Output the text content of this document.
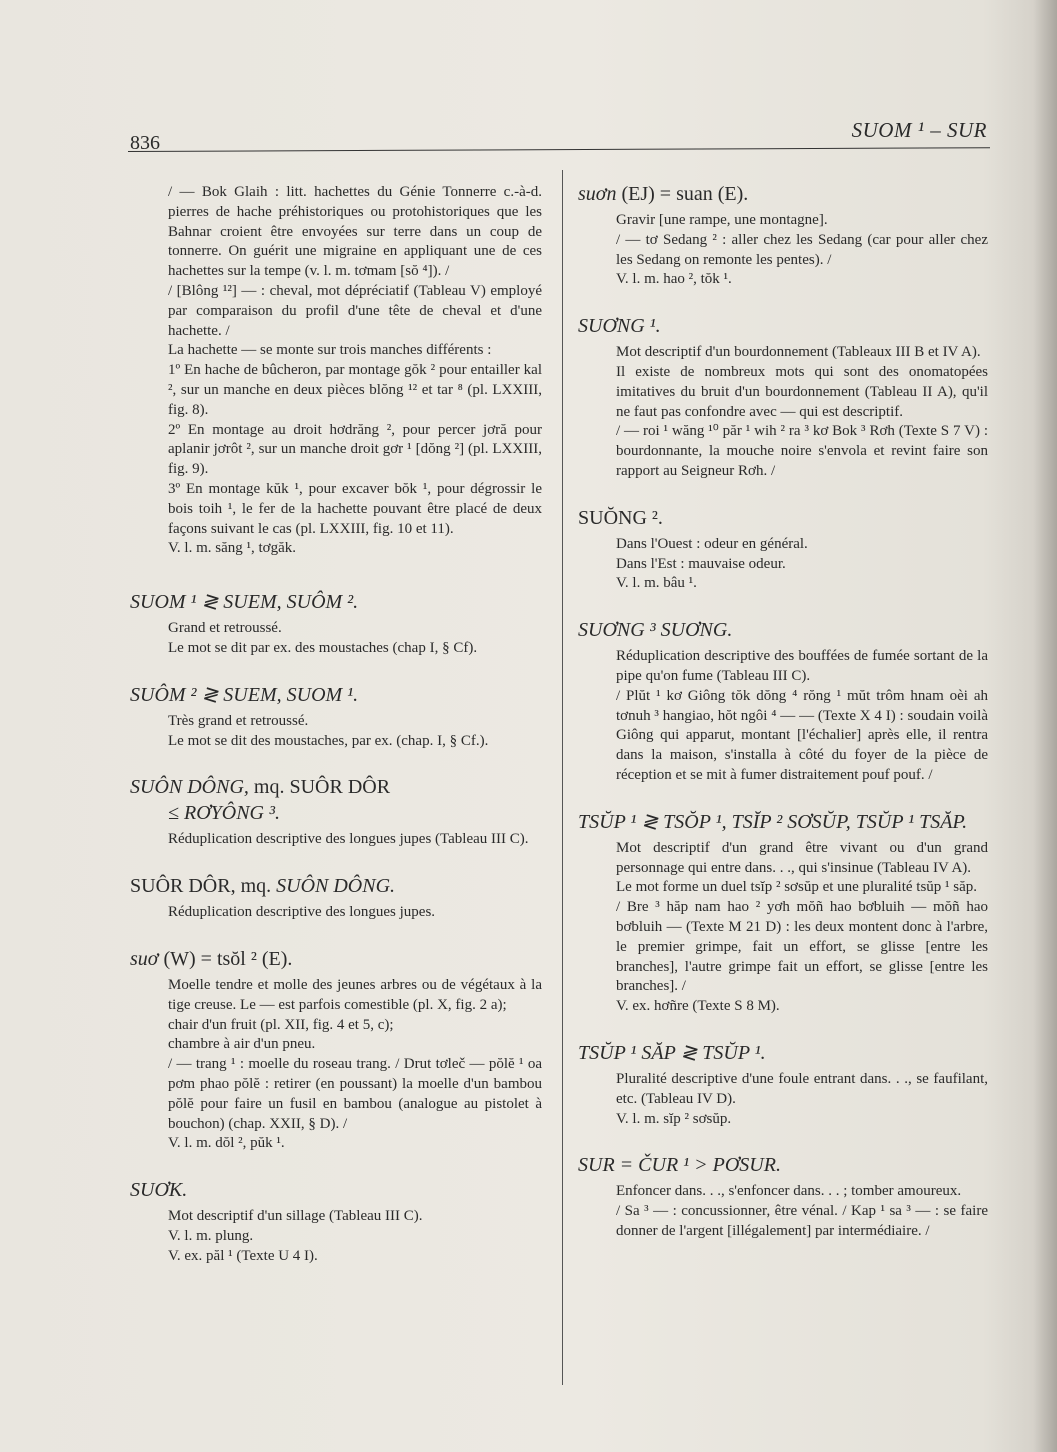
836
SUOM ¹ – SUR

/ — Bok Glaih : litt. hachettes du Génie Tonnerre c.-à-d. pierres de hache préhistoriques ou protohistoriques que les Bahnar croient être envoyées sur terre dans un coup de tonnerre. On guérit une migraine en appliquant une de ces hachettes sur la tempe (v. l. m. tơmam [sŏ ⁴]). /

/ [Blông ¹²] — : cheval, mot dépréciatif (Tableau V) employé par comparaison du profil d'une tête de cheval et d'une hachette. /

La hachette — se monte sur trois manches différents :

1º En hache de bûcheron, par montage gŏk ² pour entailler kal ², sur un manche en deux pièces blŏng ¹² et tar ⁸ (pl. LXXIII, fig. 8).

2º En montage au droit hơdrăng ², pour percer jơră pour aplanir jơrôt ², sur un manche droit gơr ¹ [dŏng ²] (pl. LXXIII, fig. 9).

3º En montage kŭk ¹, pour excaver bŏk ¹, pour dégrossir le bois toih ¹, le fer de la hachette pouvant être placé de deux façons suivant le cas (pl. LXXIII, fig. 10 et 11).

V. l. m. săng ¹, tơgăk.

SUOM ¹ ≷ SUEM, SUÔM ².

Grand et retroussé.

Le mot se dit par ex. des moustaches (chap I, § Cf).

SUÔM ² ≷ SUEM, SUOM ¹.

Très grand et retroussé.

Le mot se dit des moustaches, par ex. (chap. I, § Cf.).

SUÔN DÔNG, mq. SUÔR DÔR
≤ RƠYÔNG ³.

Réduplication descriptive des longues jupes (Tableau III C).

SUÔR DÔR, mq. SUÔN DÔNG.

Réduplication descriptive des longues jupes.

suơ (W) = tsŏl ² (E).

Moelle tendre et molle des jeunes arbres ou de végétaux à la tige creuse. Le — est parfois comestible (pl. X, fig. 2 a);

chair d'un fruit (pl. XII, fig. 4 et 5, c);

chambre à air d'un pneu.

/ — trang ¹ : moelle du roseau trang. / Drut tơleč — pŏlĕ ¹ oa pơm phao pŏlĕ : retirer (en poussant) la moelle d'un bambou pŏlĕ pour faire un fusil en bambou (analogue au pistolet à bouchon) (chap. XXII, § D). /

V. l. m. dŏl ², pŭk ¹.

SUƠK.

Mot descriptif d'un sillage (Tableau III C).

V. l. m. plung.

V. ex. păl ¹ (Texte U 4 I).

suơn (EJ) = suan (E).

Gravir [une rampe, une montagne].

/ — tơ Sedang ² : aller chez les Sedang (car pour aller chez les Sedang on remonte les pentes). /

V. l. m. hao ², tŏk ¹.

SUƠNG ¹.

Mot descriptif d'un bourdonnement (Tableaux III B et IV A).

Il existe de nombreux mots qui sont des onomatopées imitatives du bruit d'un bourdonnement (Tableau II A), qu'il ne faut pas confondre avec — qui est descriptif.

/ — roi ¹ wăng ¹⁰ păr ¹ wih ² ra ³ kơ Bok ³ Rơh (Texte S 7 V) : bourdonnante, la mouche noire s'envola et revint faire son rapport au Seigneur Rơh. /

SUŎNG ².

Dans l'Ouest : odeur en général.

Dans l'Est : mauvaise odeur.

V. l. m. bâu ¹.

SUƠNG ³ SUƠNG.

Réduplication descriptive des bouffées de fumée sortant de la pipe qu'on fume (Tableau III C).

/ Plŭt ¹ kơ Giông tŏk dŏng ⁴ rŏng ¹ mŭt trôm hnam oèi ah tơnuh ³ hangiao, hŏt ngôi ⁴ — — (Texte X 4 I) : soudain voilà Giông qui apparut, montant [l'échalier] après elle, il rentra dans la maison, s'installa à côté du foyer de la pièce de réception et se mit à fumer distraitement pouf pouf. /

TSŬP ¹ ≷ TSŎP ¹, TSĬP ² SƠSŬP, TSŬP ¹ TSĂP.

Mot descriptif d'un grand être vivant ou d'un grand personnage qui entre dans. . ., qui s'insinue (Tableau IV A).

Le mot forme un duel tsĭp ² sơsŭp et une pluralité tsŭp ¹ săp.

/ Bre ³ hăp nam hao ² yơh mŏñ hao bơbluih — mŏñ hao bơbluih — (Texte M 21 D) : les deux montent donc à l'arbre, le premier grimpe, fait un effort, se glisse [entre les branches], l'autre grimpe fait un effort, se glisse [entre les branches]. /

V. ex. hơñre (Texte S 8 M).

TSŬP ¹ SĂP ≷ TSŬP ¹.

Pluralité descriptive d'une foule entrant dans. . ., se faufilant, etc. (Tableau IV D).

V. l. m. sĭp ² sơsŭp.

SUR = ČUR ¹ > PƠSUR.

Enfoncer dans. . ., s'enfoncer dans. . . ; tomber amoureux.

/ Sa ³ — : concussionner, être vénal. / Kap ¹ sa ³ — : se faire donner de l'argent [illégalement] par intermédiaire. /
